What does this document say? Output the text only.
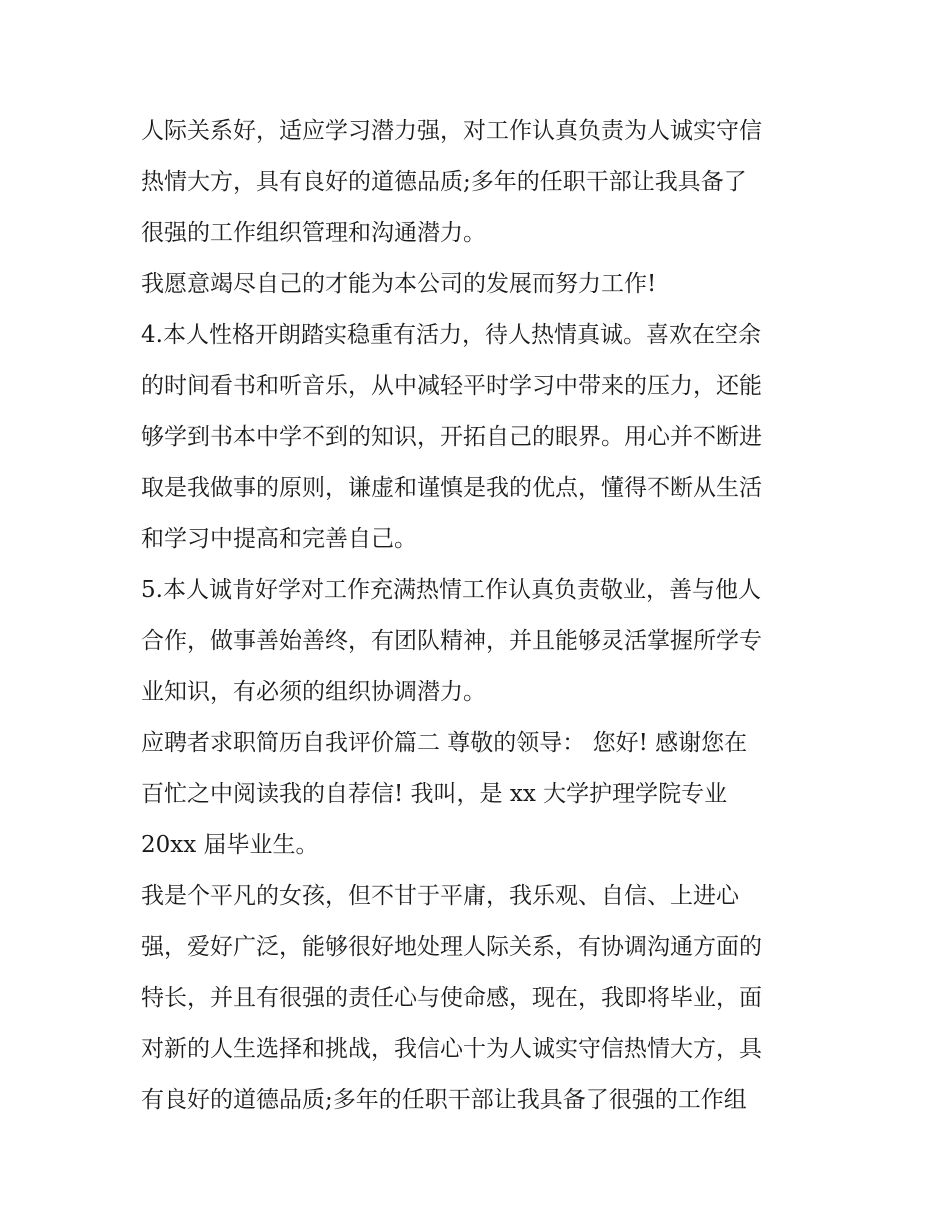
人际关系好，适应学习潜力强，对工作认真负责为人诚实守信
热情大方，具有良好的道德品质;多年的任职干部让我具备了
很强的工作组织管理和沟通潜力。
我愿意竭尽自己的才能为本公司的发展而努力工作!
4.本人性格开朗踏实稳重有活力，待人热情真诚。喜欢在空余
的时间看书和听音乐，从中减轻平时学习中带来的压力，还能
够学到书本中学不到的知识，开拓自己的眼界。用心并不断进
取是我做事的原则，谦虚和谨慎是我的优点，懂得不断从生活
和学习中提高和完善自己。
5.本人诚肯好学对工作充满热情工作认真负责敬业，善与他人
合作，做事善始善终，有团队精神，并且能够灵活掌握所学专
业知识，有必须的组织协调潜力。
应聘者求职简历自我评价篇二 尊敬的领导： 您好! 感谢您在
百忙之中阅读我的自荐信! 我叫，是 xx 大学护理学院专业
20xx 届毕业生。
我是个平凡的女孩，但不甘于平庸，我乐观、自信、上进心
强，爱好广泛，能够很好地处理人际关系，有协调沟通方面的
特长，并且有很强的责任心与使命感，现在，我即将毕业，面
对新的人生选择和挑战，我信心十为人诚实守信热情大方，具
有良好的道德品质;多年的任职干部让我具备了很强的工作组
